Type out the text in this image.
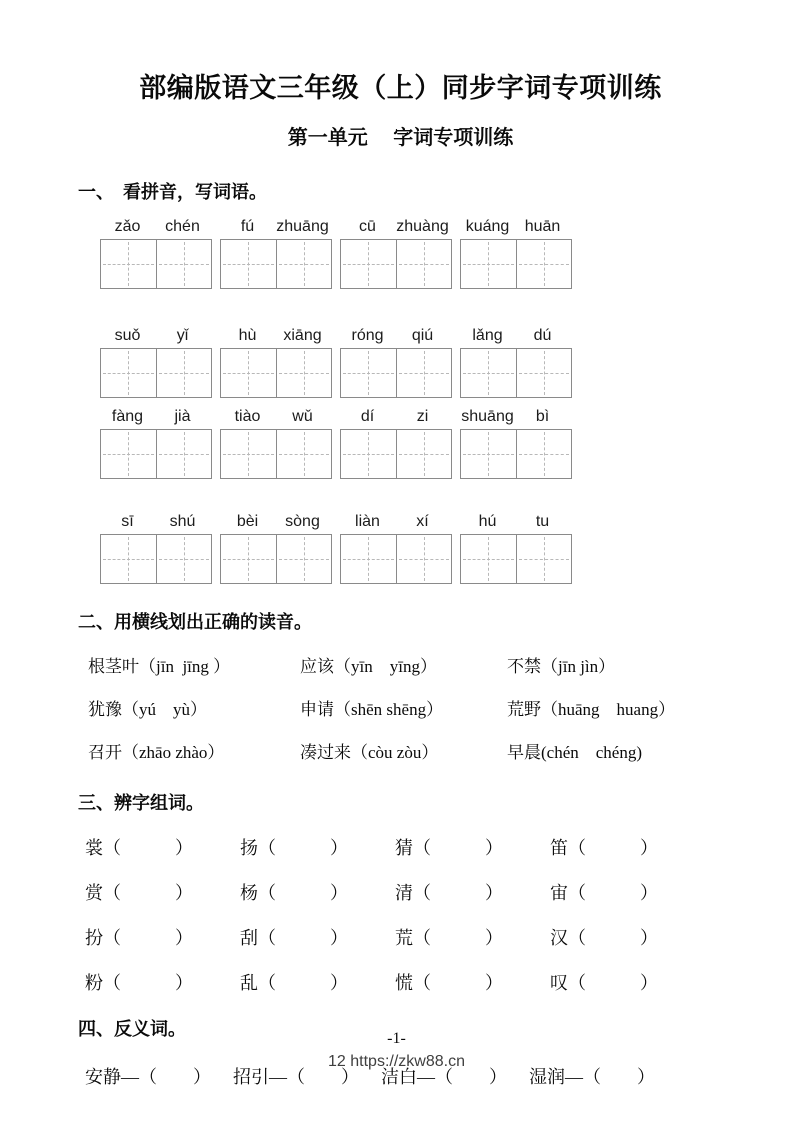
部编版语文三年级（上）同步字词专项训练
第一单元　 字词专项训练
一、　看拼音，写词语。
zǎo	chén	fú	zhuāng	cū	zhuàng	kuáng huān
suǒ	yǐ	hù	xiāng	róng	qiú	lǎng	dú
fàng	jià	tiào	wǔ	dí	zi	shuāng	bì
sī	shú	bèi	sòng	liàn	xí	hú	tu
二、用横线划出正确的读音。
根茎叶（jīn  jīng ）	应该（yīn　yīng）	不禁（jīn jìn）
犹豫（yú　yù）	申请（shēn shēng）	荒野（huāng　huang）
召开（zhāo zhào）	凑过来（còu zòu）	早晨(chén　chéng)
三、辨字组词。
裳（　　　）	扬（　　　）	猜（　　　）	笛（　　　）
赏（　　　）	杨（　　　）	清（　　　）	宙（　　　）
扮（　　　）	刮（　　　）	荒（　　　）	汉（　　　）
粉（　　　）	乱（　　　）	慌（　　　）	叹（　　　）
四、反义词。
安静—（　　） 招引—（　　） 洁白—（　　） 湿润—（　　）
-1-
12 https://zkw88.cn
